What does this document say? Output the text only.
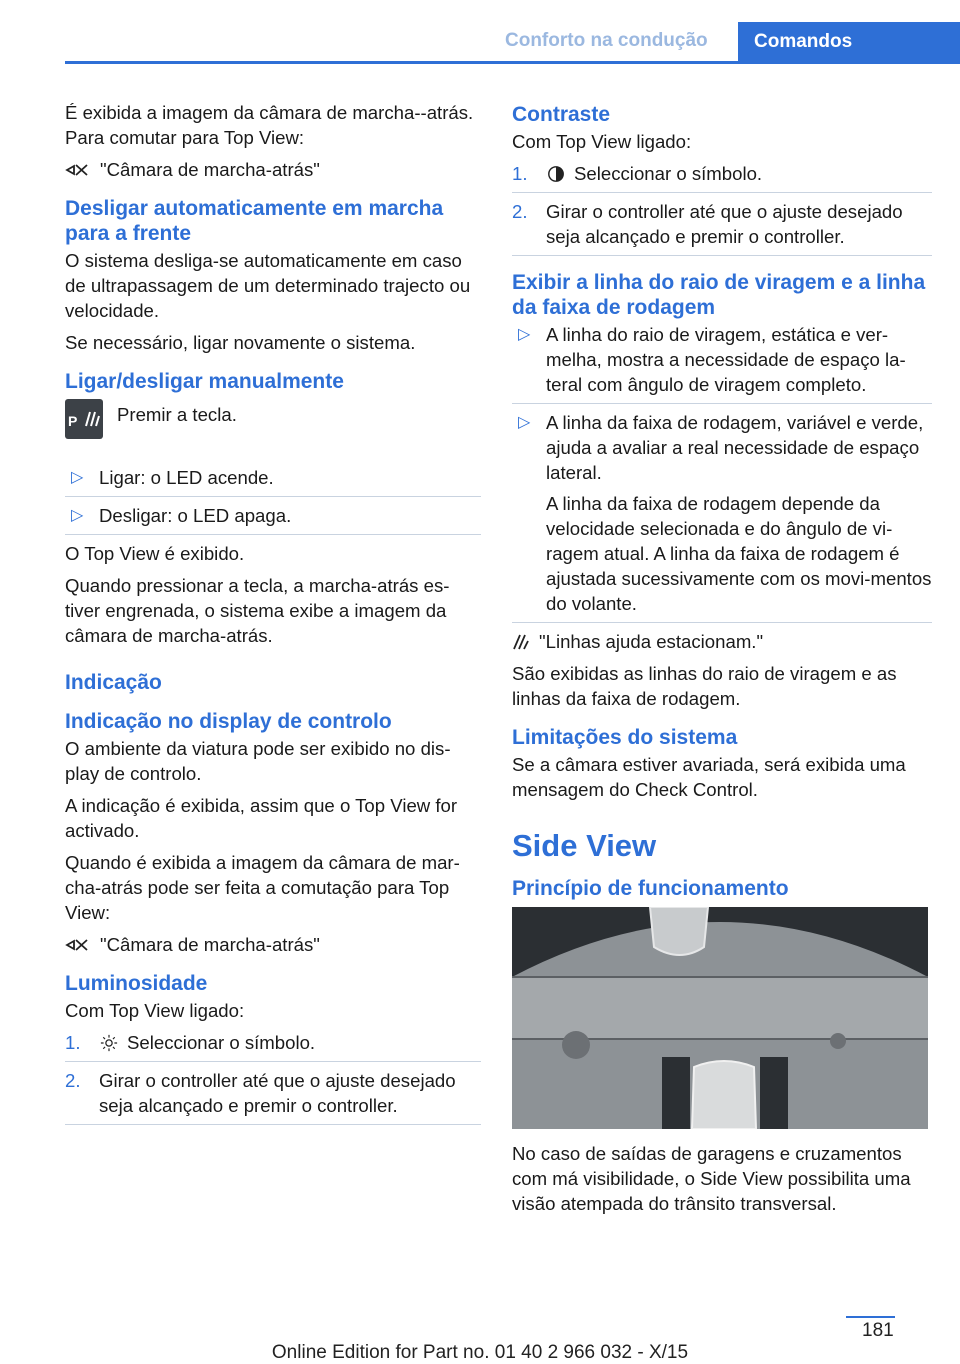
Conforto na condução Comandos

É exibida a imagem da câmara de marcha--atrás. Para comutar para Top View:

"Câmara de marcha-atrás"
Desligar automaticamente em marcha para a frente

O sistema desliga-se automaticamente em caso de ultrapassagem de um determinado trajecto ou velocidade.

Se necessário, ligar novamente o sistema.

Ligar/desligar manualmente
P Premir a tecla.
▷ Ligar: o LED acende.

▷ Desligar: o LED apaga.

O Top View é exibido.

Quando pressionar a tecla, a marcha-atrás es-tiver engrenada, o sistema exibe a imagem da câmara de marcha-atrás.

Indicação
Indicação no display de controlo

O ambiente da viatura pode ser exibido no dis-play de controlo.

A indicação é exibida, assim que o Top View for activado.

Quando é exibida a imagem da câmara de mar-cha-atrás pode ser feita a comutação para Top View:

"Câmara de marcha-atrás"
Luminosidade

Com Top View ligado:

1. Seleccionar o símbolo.
2. Girar o controller até que o ajuste desejado seja alcançado e premir o controller.
Contraste

Com Top View ligado:

1. Seleccionar o símbolo.
2. Girar o controller até que o ajuste desejado seja alcançado e premir o controller.
Exibir a linha do raio de viragem e a linha da faixa de rodagem
▷ A linha do raio de viragem, estática e ver-melha, mostra a necessidade de espaço la-teral com ângulo de viragem completo.

▷ A linha da faixa de rodagem, variável e verde, ajuda a avaliar a real necessidade de espaço lateral.

A linha da faixa de rodagem depende da velocidade selecionada e do ângulo de vi-ragem atual. A linha da faixa de rodagem é ajustada sucessivamente com os movi-mentos do volante.

"Linhas ajuda estacionam."

São exibidas as linhas do raio de viragem e as linhas da faixa de rodagem.

Limitações do sistema

Se a câmara estiver avariada, será exibida uma mensagem do Check Control.

Side View
Princípio de funcionamento

No caso de saídas de garagens e cruzamentos com má visibilidade, o Side View possibilita uma visão atempada do trânsito transversal.

181
Online Edition for Part no. 01 40 2 966 032 - X/15
